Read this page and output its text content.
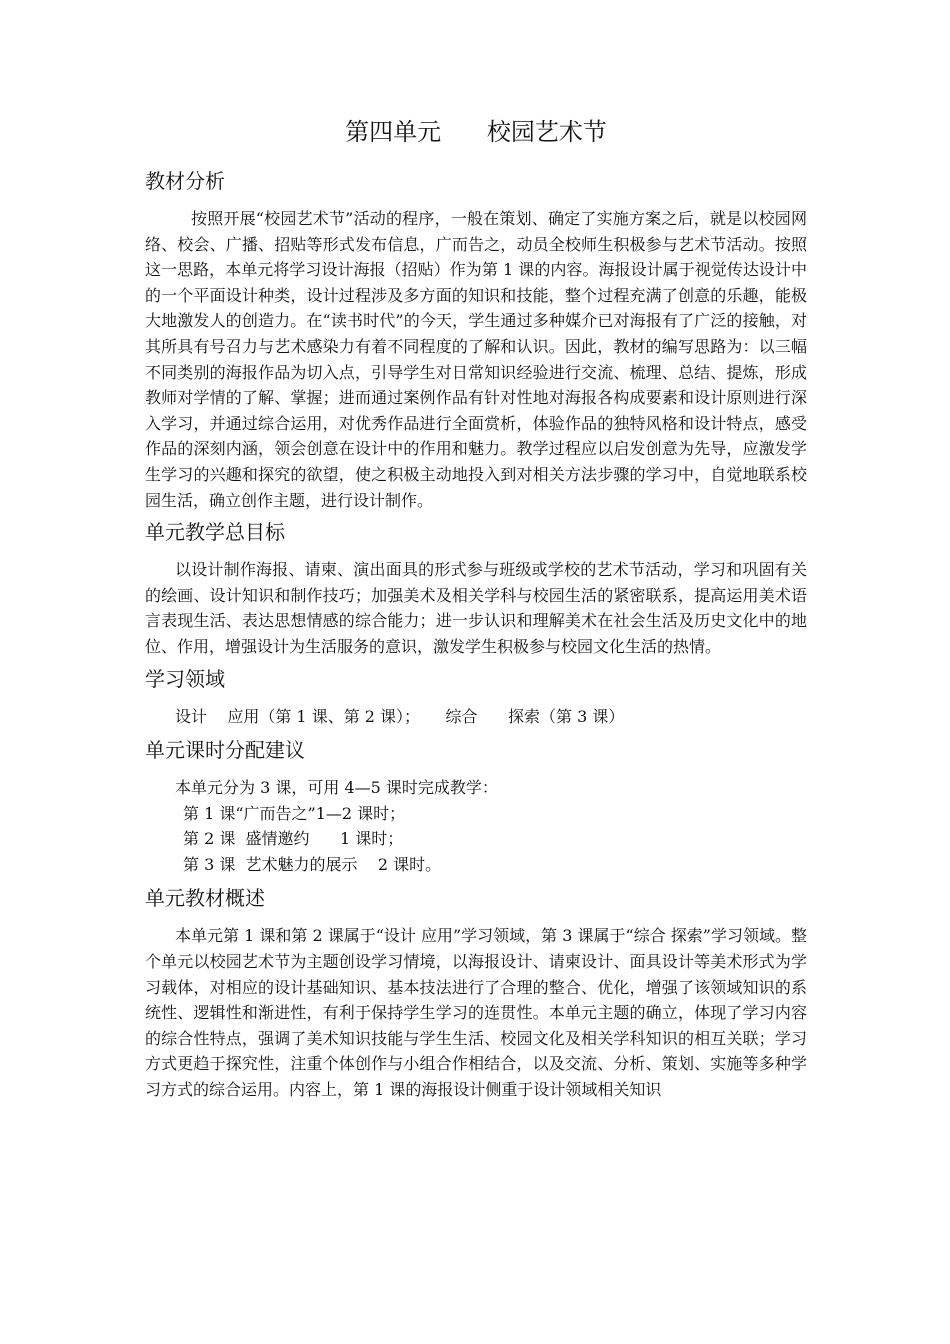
第四单元      校园艺术节
教材分析

按照开展“校园艺术节”活动的程序，一般在策划、确定了实施方案之后，就是以校园网络、校会、广播、招贴等形式发布信息，广而告之，动员全校师生积极参与艺术节活动。按照这一思路，本单元将学习设计海报（招贴）作为第 1 课的内容。海报设计属于视觉传达设计中的一个平面设计种类，设计过程涉及多方面的知识和技能，整个过程充满了创意的乐趣，能极大地激发人的创造力。在“读书时代”的今天，学生通过多种媒介已对海报有了广泛的接触，对其所具有号召力与艺术感染力有着不同程度的了解和认识。因此，教材的编写思路为：以三幅不同类别的海报作品为切入点，引导学生对日常知识经验进行交流、梳理、总结、提炼，形成教师对学情的了解、掌握；进而通过案例作品有针对性地对海报各构成要素和设计原则进行深入学习，并通过综合运用，对优秀作品进行全面赏析，体验作品的独特风格和设计特点，感受作品的深刻内涵，领会创意在设计中的作用和魅力。教学过程应以启发创意为先导，应激发学生学习的兴趣和探究的欲望，使之积极主动地投入到对相关方法步骤的学习中，自觉地联系校园生活，确立创作主题，进行设计制作。

单元教学总目标

以设计制作海报、请柬、演出面具的形式参与班级或学校的艺术节活动，学习和巩固有关的绘画、设计知识和制作技巧；加强美术及相关学科与校园生活的紧密联系，提高运用美术语言表现生活、表达思想情感的综合能力；进一步认识和理解美术在社会生活及历史文化中的地位、作用，增强设计为生活服务的意识，激发学生积极参与校园文化生活的热情。

学习领域
设计    应用（第 1 课、第 2 课）；     综合      探索（第 3 课）
单元课时分配建议
本单元分为 3 课，可用 4—5 课时完成教学：
第 1 课“广而告之”1—2 课时；
第 2 课  盛情邀约      1 课时；
第 3 课  艺术魅力的展示    2 课时。
单元教材概述

本单元第 1 课和第 2 课属于“设计 应用”学习领域，第 3 课属于“综合 探索”学习领域。整个单元以校园艺术节为主题创设学习情境，以海报设计、请柬设计、面具设计等美术形式为学习载体，对相应的设计基础知识、基本技法进行了合理的整合、优化，增强了该领域知识的系统性、逻辑性和渐进性，有利于保持学生学习的连贯性。本单元主题的确立，体现了学习内容的综合性特点，强调了美术知识技能与学生生活、校园文化及相关学科知识的相互关联；学习方式更趋于探究性，注重个体创作与小组合作相结合，以及交流、分析、策划、实施等多种学习方式的综合运用。内容上，第 1 课的海报设计侧重于设计领域相关知识
